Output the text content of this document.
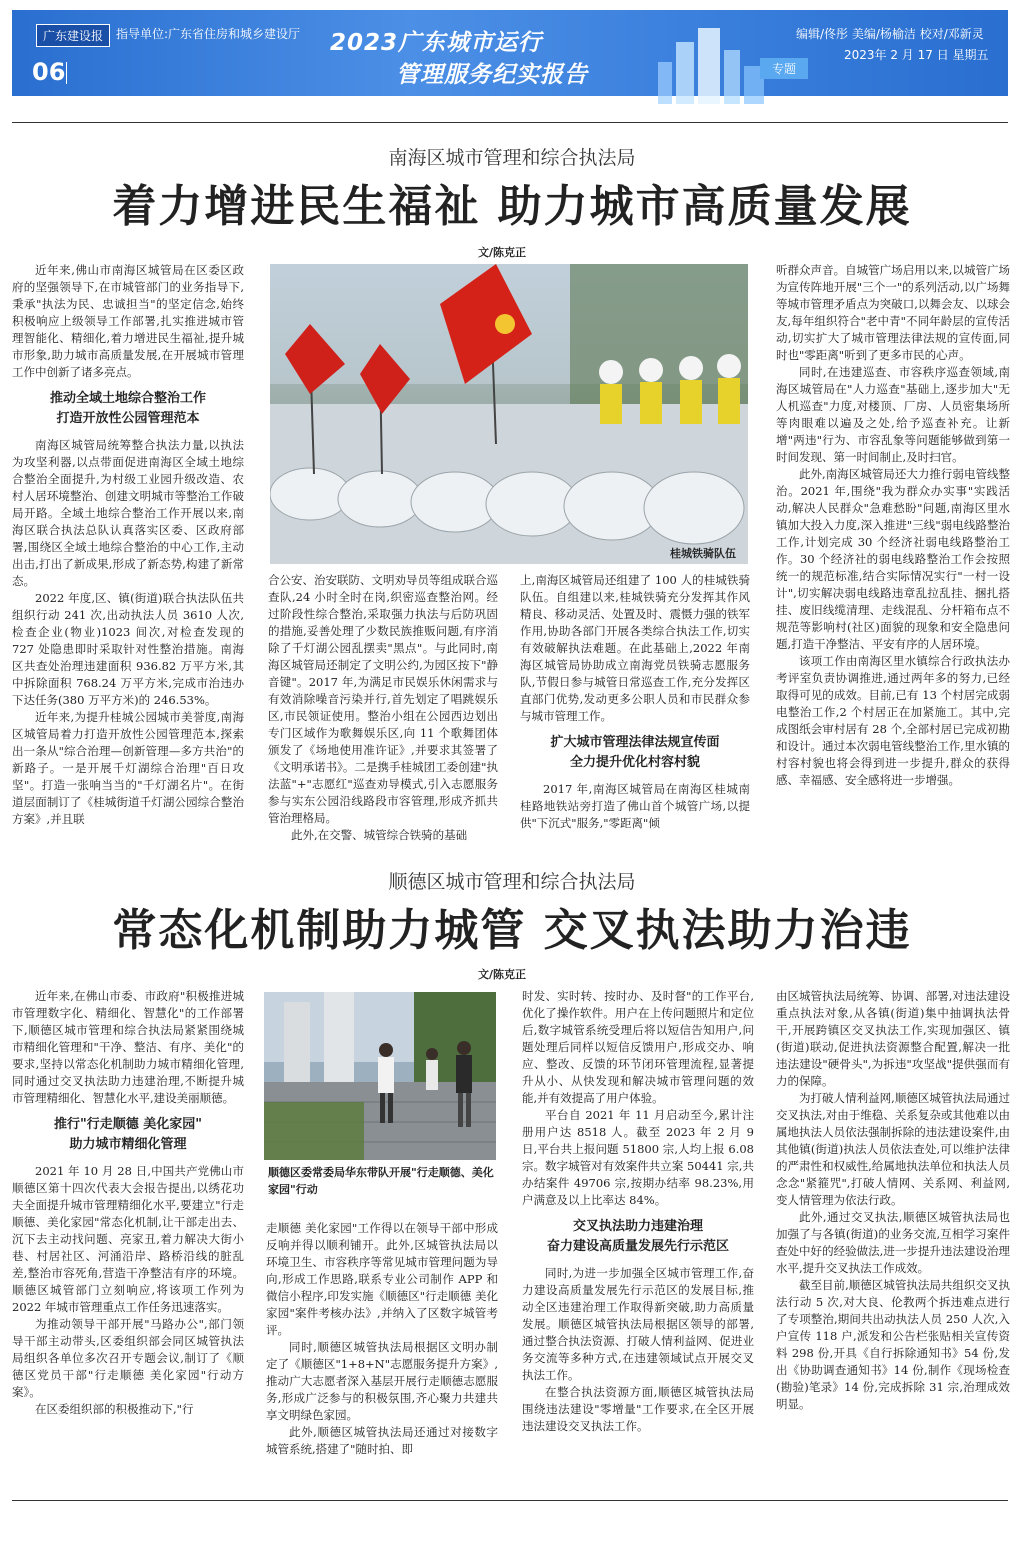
广东建设报	指导单位:广东省住房和城乡建设厅
06
2023广东城市运行
管理服务纪实报告	专题
编辑/佟彤 美编/杨榆洁 校对/邓新灵
2023年 2 月 17 日 星期五
南海区城市管理和综合执法局
着力增进民生福祉 助力城市高质量发展
文/陈克正

近年来,佛山市南海区城管局在区委区政府的坚强领导下,在市城管部门的业务指导下,秉承"执法为民、忠诚担当"的坚定信念,始终积极响应上级领导工作部署,扎实推进城市管理智能化、精细化,着力增进民生福祉,提升城市形象,助力城市高质量发展,在开展城市管理工作中创新了诸多亮点。

推动全域土地综合整治工作
打造开放性公园管理范本

南海区城管局统筹整合执法力量,以执法为攻坚利器,以点带面促进南海区全域土地综合整治全面提升,为村级工业园升级改造、农村人居环境整治、创建文明城市等整治工作破局开路。全域土地综合整治工作开展以来,南海区联合执法总队认真落实区委、区政府部署,围绕区全域土地综合整治的中心工作,主动出击,打出了新成果,形成了新态势,构建了新常态。

2022 年度,区、镇(街道)联合执法队伍共组织行动 241 次,出动执法人员 3610 人次,检查企业(物业)1023 间次,对检查发现的 727 处隐患即时采取针对性整治措施。南海区共查处治理违建面积 936.82 万平方米,其中拆除面积 768.24 万平方米,完成市治违办下达任务(380 万平方米)的 246.53%。

近年来,为提升桂城公园城市美誉度,南海区城管局着力打造开放性公园管理范本,探索出一条从"综合治理—创新管理—多方共治"的新路子。一是开展千灯湖综合治理"百日攻坚"。打造一张响当当的"千灯湖名片"。在街道层面制订了《桂城街道千灯湖公园综合整治方案》,并且联

桂城铁骑队伍

合公安、治安联防、文明劝导员等组成联合巡查队,24 小时全时在岗,织密巡查整治网。经过阶段性综合整治,采取强力执法与后防巩固的措施,妥善处理了少数民族推贩问题,有序消除了千灯湖公园乱摆卖"黑点"。与此同时,南海区城管局还制定了文明公约,为园区按下"静音键"。2017 年,为满足市民娱乐休闲需求与有效消除噪音污染并行,首先划定了唱跳娱乐区,市民领证使用。整治小组在公园西边划出专门区域作为歌舞娱乐区,向 11 个歌舞团体颁发了《场地使用准许证》,并要求其签署了《文明承诺书》。二是携手桂城团工委创建"执法蓝"+"志愿红"巡查劝导模式,引入志愿服务参与实东公园沿线路段市容管理,形成齐抓共管治理格局。

此外,在交警、城管综合铁骑的基础

上,南海区城管局还组建了 100 人的桂城铁骑队伍。自组建以来,桂城铁骑充分发挥其作风精良、移动灵活、处置及时、震慑力强的铁军作用,协助各部门开展各类综合执法工作,切实有效破解执法难题。在此基础上,2022 年南海区城管局协助成立南海党员铁骑志愿服务队,节假日参与城管日常巡查工作,充分发挥区直部门优势,发动更多公职人员和市民群众参与城市管理工作。

扩大城市管理法律法规宣传面
全力提升优化村容村貌

2017 年,南海区城管局在南海区桂城南桂路地铁站旁打造了佛山首个城管广场,以提供"下沉式"服务,"零距离"倾

听群众声音。自城管广场启用以来,以城管广场为宣传阵地开展"三个一"的系列活动,以广场舞等城市管理矛盾点为突破口,以舞会友、以球会友,每年组织符合"老中青"不同年龄层的宣传活动,切实扩大了城市管理法律法规的宣传面,同时也"零距离"听到了更多市民的心声。

同时,在违建巡查、市容秩序巡查领域,南海区城管局在"人力巡查"基础上,逐步加大"无人机巡查"力度,对楼顶、厂房、人员密集场所等肉眼难以遍及之处,给予巡查补充。让新增"两违"行为、市容乱象等问题能够做到第一时间发现、第一时间制止,及时扫官。

此外,南海区城管局还大力推行弱电管线整治。2021 年,围绕"我为群众办实事"实践活动,解决人民群众"急难愁盼"问题,南海区里水镇加大投入力度,深入推进"三线"弱电线路整治工作,计划完成 30 个经济社弱电线路整治工作。30 个经济社的弱电线路整治工作会按照统一的规范标准,结合实际情况实行"一村一设计",切实解决弱电线路违章乱拉乱挂、捆扎搭挂、废旧线缆清理、走线混乱、分杆箱布点不规范等影响村(社区)面貌的现象和安全隐患问题,打造干净整洁、平安有序的人居环境。

该项工作由南海区里水镇综合行政执法办考评室负责协调推进,通过两年多的努力,已经取得可见的成效。目前,已有 13 个村居完成弱电整治工作,2 个村居正在加紧施工。其中,完成图纸会审村居有 28 个,全部村居已完成初勘和设计。通过本次弱电管线整治工作,里水镇的村容村貌也将会得到进一步提升,群众的获得感、幸福感、安全感将进一步增强。

顺德区城市管理和综合执法局
常态化机制助力城管 交叉执法助力治违
文/陈克正

近年来,在佛山市委、市政府"积极推进城市管理数字化、精细化、智慧化"的工作部署下,顺德区城市管理和综合执法局紧紧围绕城市精细化管理和"干净、整洁、有序、美化"的要求,坚持以常态化机制助力城市精细化管理,同时通过交叉执法助力违建治理,不断提升城市管理精细化、智慧化水平,建设美丽顺德。

推行"行走顺德 美化家园"
助力城市精细化管理

2021 年 10 月 28 日,中国共产党佛山市顺德区第十四次代表大会报告提出,以绣花功夫全面提升城市管理精细化水平,要建立"行走顺德、美化家园"常态化机制,让干部走出去、沉下去主动找问题、亮家丑,着力解决大街小巷、村居社区、河涌沿岸、路桥沿线的脏乱差,整治市容死角,营造干净整洁有序的环境。顺德区城管部门立刻响应,将该项工作列为 2022 年城市管理重点工作任务迅速落实。

为推动领导干部开展"马路办公",部门领导干部主动带头,区委组织部会同区城管执法局组织各单位多次召开专题会议,制订了《顺德区党员干部"行走顺德 美化家园"行动方案》。

在区委组织部的积极推动下,"行

顺德区委常委局华东带队开展"行走顺德、美化家园"行动

走顺德 美化家园"工作得以在领导干部中形成反响并得以顺利铺开。此外,区城管执法局以环境卫生、市容秩序等常见城市管理问题为导向,形成工作思路,联系专业公司制作 APP 和微信小程序,印发实施《顺德区"行走顺德 美化家园"案件考核办法》,并纳入了区数字城管考评。

同时,顺德区城管执法局根据区文明办制定了《顺德区"1+8+N"志愿服务提升方案》,推动广大志愿者深入基层开展行走顺德志愿服务,形成广泛参与的积极氛围,齐心聚力共建共享文明绿色家园。

此外,顺德区城管执法局还通过对接数字城管系统,搭建了"随时拍、即

时发、实时转、按时办、及时督"的工作平台,优化了操作软件。用户在上传问题照片和定位后,数字城管系统受理后将以短信告知用户,问题处理后同样以短信反馈用户,形成交办、响应、整改、反馈的环节闭环管理流程,显著提升从小、从快发现和解决城市管理问题的效能,并有效提高了用户体验。

平台自 2021 年 11 月启动至今,累计注册用户达 8518 人。截至 2023 年 2 月 9 日,平台共上报问题 51800 宗,人均上报 6.08 宗。数字城管对有效案件共立案 50441 宗,共办结案件 49706 宗,按期办结率 98.23%,用户满意及以上比率达 84%。

交叉执法助力违建治理
奋力建设高质量发展先行示范区

同时,为进一步加强全区城市管理工作,奋力建设高质量发展先行示范区的发展目标,推动全区违建治理工作取得新突破,助力高质量发展。顺德区城管执法局根据区领导的部署,通过整合执法资源、打破人情利益网、促进业务交流等多种方式,在违建领域试点开展交叉执法工作。

在整合执法资源方面,顺德区城管执法局围绕违法建设"零增量"工作要求,在全区开展违法建设交叉执法工作。

由区城管执法局统筹、协调、部署,对违法建设重点执法对象,从各镇(街道)集中抽调执法骨干,开展跨镇区交叉执法工作,实现加强区、镇(街道)联动,促进执法资源整合配置,解决一批违法建设"硬骨头",为拆违"攻坚战"提供强而有力的保障。

为打破人情利益网,顺德区城管执法局通过交叉执法,对由于维稳、关系复杂或其他难以由属地执法人员依法强制拆除的违法建设案件,由其他镇(街道)执法人员依法查处,可以维护法律的严肃性和权威性,给属地执法单位和执法人员念念"紧箍咒",打破人情网、关系网、利益网,变人情管理为依法行政。

此外,通过交叉执法,顺德区城管执法局也加强了与各镇(街道)的业务交流,互相学习案件查处中好的经验做法,进一步提升违法建设治理水平,提升交叉执法工作成效。

截至目前,顺德区城管执法局共组织交叉执法行动 5 次,对大良、伦教两个拆违难点进行了专项整治,期间共出动执法人员 250 人次,入户宣传 118 户,派发和公告栏张贴相关宣传资料 298 份,开具《自行拆除通知书》54 份,发出《协助调查通知书》14 份,制作《现场检查(勘验)笔录》14 份,完成拆除 31 宗,治理成效明显。
